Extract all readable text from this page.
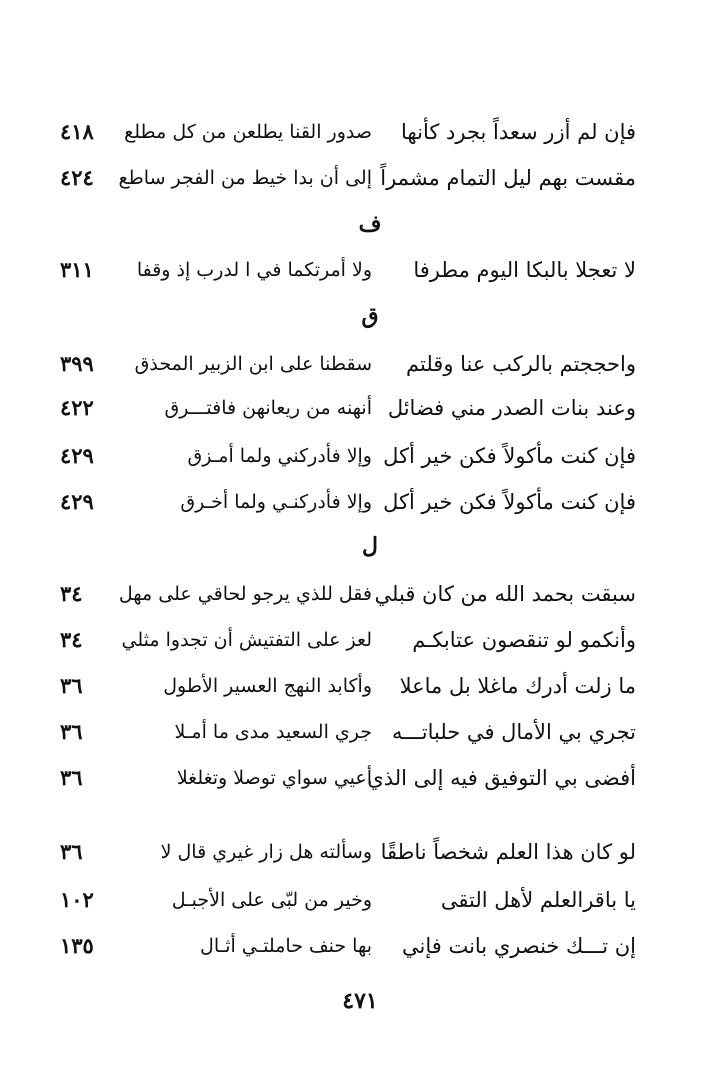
فإن لم أزر سعداً بجرد كأنها
صدور القنا يطلعن من كل مطلع
٤١٨
مقست بهم ليل التمام مشمراً
إلى أن بدا خيط من الفجر ساطع
٤٢٤
ف
لا تعجلا بالبكا اليوم مطرفا
ولا أمرتكما في ا لدرب إذ وقفا
٣١١
ق
واحججتم بالركب عنا وقلتم
سقطنا على ابن الزبير المحذق
٣٩٩
وعند بنات الصدر مني فضائل
أنهنه من ريعانهن فافتـــرق
٤٢٢
فإن كنت مأكولاً فكن خير أكل
وإلا فأدركني ولما أمـزق
٤٢٩
فإن كنت مأكولاً فكن خير أكل
وإلا فأدركنـي ولما أخـرق
٤٢٩
ل
سبقت بحمد الله من كان قبلي
فقل للذي يرجو لحاقي على مهل
٣٤
وأنكمو لو تنقصون عتابكـم
لعز على التفتيش أن تجدوا مثلي
٣٤
ما زلت أدرك ماغلا بل ماعلا
وأكابد النهج العسير الأطول
٣٦
تجري بي الأمال في حلباتـــه
جري السعيد مدى ما أمـلا
٣٦
أفضى بي التوفيق فيه إلى الذي
أعيي سواي توصلا وتغلغلا
٣٦
لو كان هذا العلم شخصاً ناطقًا
وسألته هل زار غيري قال لا
٣٦
يا باقرالعلم لأهل التقى
وخير من لبّى على الأجبـل
١٠٢
إن تـــك خنصري بانت فإني
بها حنف حاملتـي أثـال
١٣٥
٤٧١
